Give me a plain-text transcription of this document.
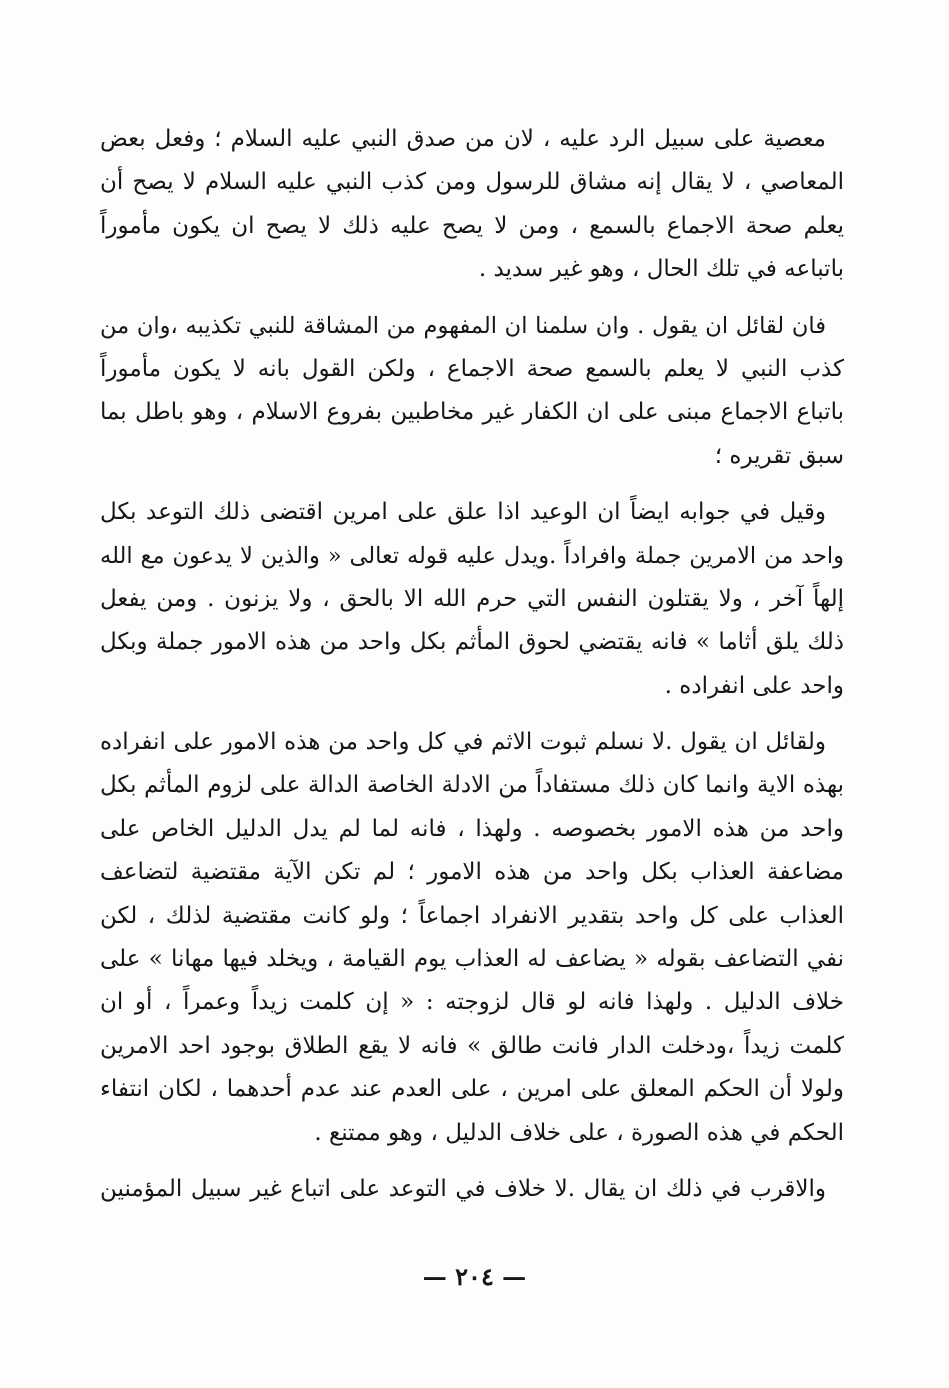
معصية على سبيل الرد عليه ، لان من صدق النبي عليه السلام ؛ وفعل بعض
المعاصي ، لا يقال إنه مشاق للرسول ومن كذب النبي عليه السلام لا يصح أن
يعلم صحة الاجماع بالسمع ، ومن لا يصح عليه ذلك لا يصح ان يكون مأموراً
باتباعه في تلك الحال ، وهو غير سديد .
فان لقائل ان يقول . وان سلمنا ان المفهوم من المشاقة للنبي تكذيبه ،وان من
كذب النبي لا يعلم بالسمع صحة الاجماع ، ولكن القول بانه لا يكون مأموراً
باتباع الاجماع مبنى على ان الكفار غير مخاطبين بفروع الاسلام ، وهو باطل بما
سبق تقريره ؛
وقيل في جوابه ايضاً ان الوعيد اذا علق على امرين اقتضى ذلك التوعد بكل
واحد من الامرين جملة وافراداً .ويدل عليه قوله تعالى « والذين لا يدعون مع الله
إلهاً آخر ، ولا يقتلون النفس التي حرم الله الا بالحق ، ولا يزنون . ومن يفعل
ذلك يلق أثاما » فانه يقتضي لحوق المأثم بكل واحد من هذه الامور جملة وبكل
واحد على انفراده .
ولقائل ان يقول .لا نسلم ثبوت الاثم في كل واحد من هذه الامور على انفراده
بهذه الاية وانما كان ذلك مستفاداً من الادلة الخاصة الدالة على لزوم المأثم بكل
واحد من هذه الامور بخصوصه . ولهذا ، فانه لما لم يدل الدليل الخاص على
مضاعفة العذاب بكل واحد من هذه الامور ؛ لم تكن الآية مقتضية لتضاعف
العذاب على كل واحد بتقدير الانفراد اجماعاً ؛ ولو كانت مقتضية لذلك ، لكن
نفي التضاعف بقوله « يضاعف له العذاب يوم القيامة ، ويخلد فيها مهانا » على
خلاف الدليل . ولهذا فانه لو قال لزوجته : « إن كلمت زيداً وعمراً ، أو ان
كلمت زيداً ،ودخلت الدار فانت طالق » فانه لا يقع الطلاق بوجود احد الامرين
ولولا أن الحكم المعلق على امرين ، على العدم عند عدم أحدهما ، لكان انتفاء
الحكم في هذه الصورة ، على خلاف الدليل ، وهو ممتنع .
والاقرب في ذلك ان يقال .لا خلاف في التوعد على اتباع غير سبيل المؤمنين
— ٢٠٤ —
